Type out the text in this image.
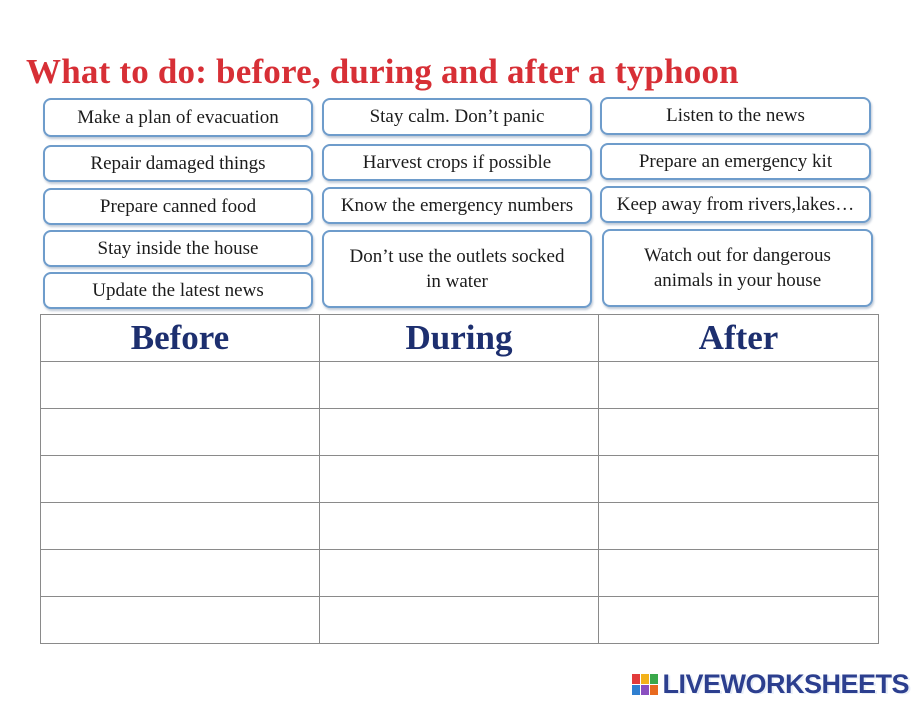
What to do: before, during and after a typhoon
Make a plan of evacuation	Stay calm. Don’t panic	Listen to the news
Repair damaged things	Harvest crops if possible	Prepare an emergency kit
Prepare canned food	Know the emergency numbers	Keep away from rivers,lakes…
Stay inside the house	Don’t use the outlets socked in water
Watch out for dangerous animals in your house
Update the latest news
Before	During	After

LIVEWORKSHEETS
